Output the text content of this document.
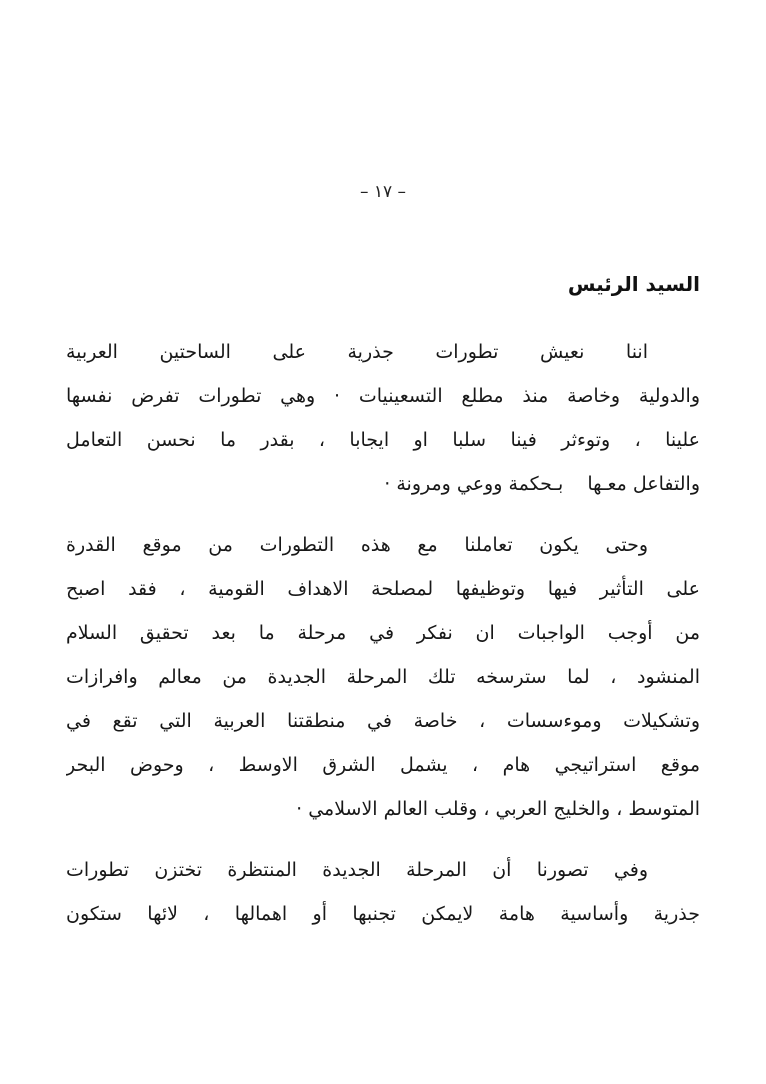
– ١٧ –
السيد الرئيس
اننا نعيش تطورات جذرية على الساحتين العربية
والدولية وخاصة منذ مطلع التسعينيات · وهي تطورات تفرض نفسها
علينا ، وتوءثر فينا سلبا او ايجابا ، بقدر ما نحسن التعامل
والتفاعل معـها    بـحكمة ووعي ومرونة ·
وحتى يكون تعاملنا مع هذه التطورات من موقع القدرة
على التأثير فيها وتوظيفها لمصلحة الاهداف القومية ، فقد اصبح
من أوجب الواجبات ان نفكر في مرحلة ما بعد تحقيق السلام
المنشود ، لما سترسخه تلك المرحلة الجديدة من معالم وافرازات
وتشكيلات وموءسسات ، خاصة في منطقتنا العربية التي تقع في
موقع استراتيجي هام ، يشمل الشرق الاوسط ، وحوض البحر
المتوسط ، والخليج العربي ، وقلب العالم الاسلامي ·
وفي تصورنا أن المرحلة الجديدة المنتظرة تختزن تطورات
جذرية وأساسية هامة لايمكن تجنبها أو اهمالها ، لائها ستكون
